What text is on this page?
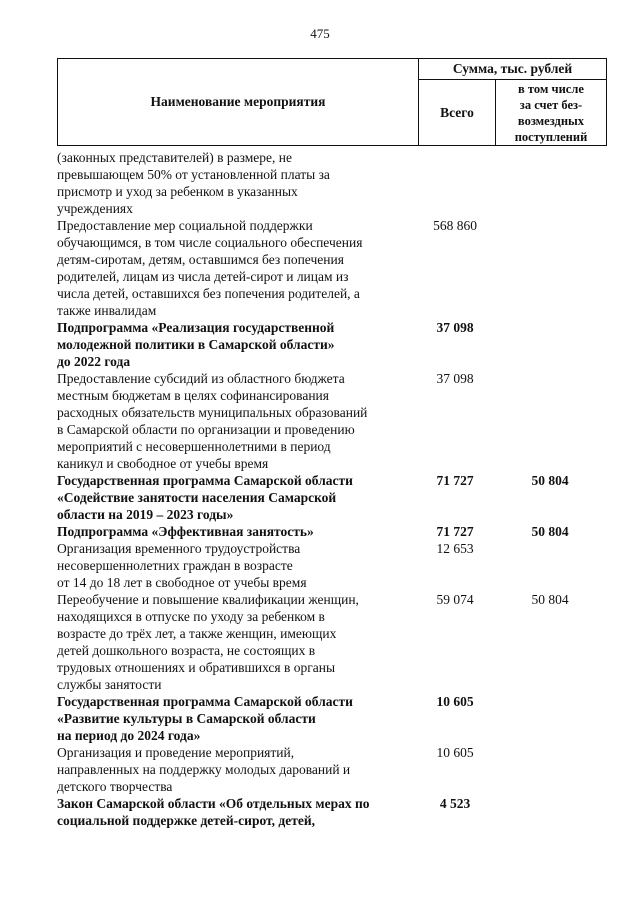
475
Наименование мероприятия
Сумма, тыс. рублей
Всего
в том числе
за счет без-
возмездных
поступлений
(законных представителей) в размере, не
превышающем 50% от установленной платы за
присмотр и уход за ребенком в указанных
учреждениях
Предоставление мер социальной поддержки
обучающимся, в том числе социального обеспечения
детям-сиротам, детям, оставшимся без попечения
родителей, лицам из числа детей-сирот и лицам из
числа детей, оставшихся без попечения родителей, а
также инвалидам
568 860
Подпрограмма «Реализация государственной
молодежной политики в Самарской области»
до 2022 года
37 098
Предоставление субсидий из областного бюджета
местным бюджетам в целях софинансирования
расходных обязательств муниципальных образований
в Самарской области по организации и проведению
мероприятий с несовершеннолетними в период
каникул и свободное от учебы время
37 098
Государственная программа Самарской области
«Содействие занятости населения Самарской
области на 2019 – 2023 годы»
71 727	50 804
Подпрограмма «Эффективная занятость»	71 727	50 804
Организация временного трудоустройства
несовершеннолетних граждан в возрасте
от 14 до 18 лет в свободное от учебы время
12 653
Переобучение и повышение квалификации женщин,
находящихся в отпуске по уходу за ребенком в
возрасте до трёх лет, а также женщин, имеющих
детей дошкольного возраста, не состоящих в
трудовых отношениях и обратившихся в органы
службы занятости
59 074	50 804
Государственная программа Самарской области
«Развитие культуры в Самарской области
на период до 2024 года»
10 605
Организация и проведение мероприятий,
направленных на поддержку молодых дарований и
детского творчества
10 605
Закон Самарской области «Об отдельных мерах по
социальной поддержке детей-сирот, детей,
4 523
